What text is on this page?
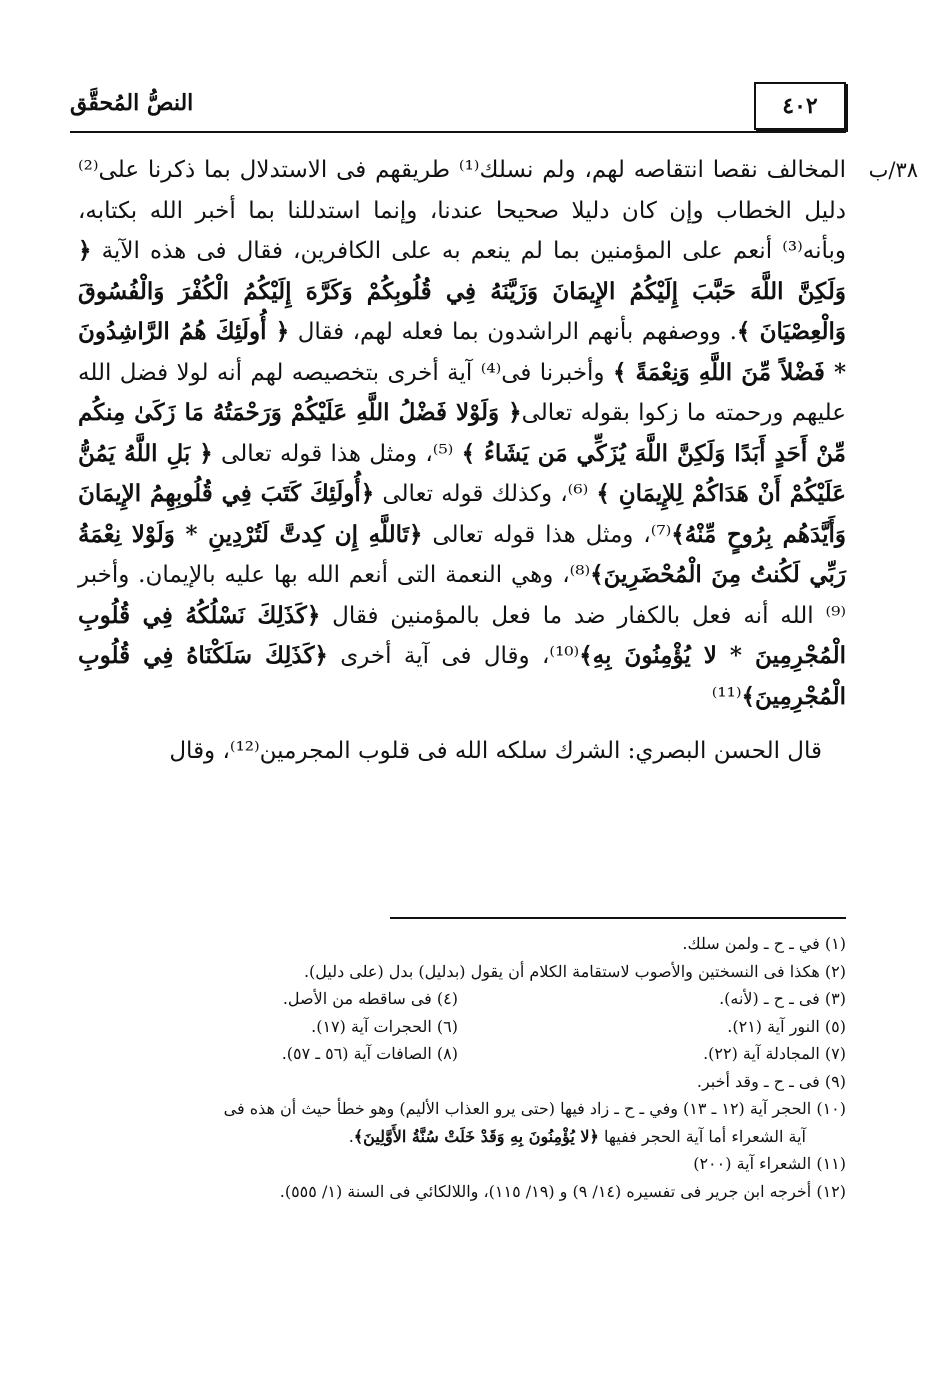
٤٠٢
النصُّ المُحقَّق
٣٨/ب

المخالف نقصا انتقاصه لهم، ولم نسلك⁽¹⁾ طريقهم فى الاستدلال بما ذكرنا على⁽²⁾ دليل الخطاب وإن كان دليلا صحيحا عندنا، وإنما استدللنا بما أخبر الله بكتابه، وبأنه⁽³⁾ أنعم على المؤمنين بما لم ينعم به على الكافرين، فقال فى هذه الآية ﴿ وَلَكِنَّ اللَّهَ حَبَّبَ إِلَيْكُمُ الإِيمَانَ وَزَيَّنَهُ فِي قُلُوبِكُمْ وَكَرَّهَ إِلَيْكُمُ الْكُفْرَ وَالْفُسُوقَ وَالْعِصْيَانَ ﴾. ووصفهم بأنهم الراشدون بما فعله لهم، فقال ﴿ أُولَئِكَ هُمُ الرَّاشِدُونَ * فَضْلاً مِّنَ اللَّهِ وَنِعْمَةً ﴾ وأخبرنا فى⁽⁴⁾ آية أخرى بتخصيصه لهم أنه لولا فضل الله عليهم ورحمته ما زكوا بقوله تعالى﴿ وَلَوْلا فَضْلُ اللَّهِ عَلَيْكُمْ وَرَحْمَتُهُ مَا زَكَىٰ مِنكُم مِّنْ أَحَدٍ أَبَدًا وَلَكِنَّ اللَّهَ يُزَكِّي مَن يَشَاءُ ﴾ ⁽⁵⁾، ومثل هذا قوله تعالى ﴿ بَلِ اللَّهُ يَمُنُّ عَلَيْكُمْ أَنْ هَدَاكُمْ لِلإِيمَانِ ﴾ ⁽⁶⁾، وكذلك قوله تعالى ﴿أُولَئِكَ كَتَبَ فِي قُلُوبِهِمُ الإِيمَانَ وَأَيَّدَهُم بِرُوحٍ مِّنْهُ﴾⁽⁷⁾، ومثل هذا قوله تعالى ﴿تَاللَّهِ إِن كِدتَّ لَتُرْدِينِ * وَلَوْلا نِعْمَةُ رَبِّي لَكُنتُ مِنَ الْمُحْضَرِينَ﴾⁽⁸⁾، وهي النعمة التى أنعم الله بها عليه بالإيمان. وأخبر ⁽⁹⁾ الله أنه فعل بالكفار ضد ما فعل بالمؤمنين فقال ﴿كَذَلِكَ نَسْلُكُهُ فِي قُلُوبِ الْمُجْرِمِينَ * لا يُؤْمِنُونَ بِهِ﴾⁽¹⁰⁾، وقال فى آية أخرى ﴿كَذَلِكَ سَلَكْنَاهُ فِي قُلُوبِ الْمُجْرِمِينَ﴾⁽¹¹⁾

قال الحسن البصري: الشرك سلكه الله فى قلوب المجرمين⁽¹²⁾، وقال

(١) في ـ ح ـ ولمن سلك.
(٢) هكذا فى النسختين والأصوب لاستقامة الكلام أن يقول (بدليل) بدل (على دليل).
(٣) فى ـ ح ـ (لأنه).
(٤) فى ساقطه من الأصل.
(٥) النور آية (٢١).
(٦) الحجرات آية (١٧).
(٧) المجادلة آية (٢٢).
(٨) الصافات آية (٥٦ ـ ٥٧).
(٩) فى ـ ح ـ وقد أخبر.
(١٠) الحجر آية (١٢ ـ ١٣) وفي ـ ح ـ زاد فيها (حتى يرو العذاب الأليم) وهو خطأ حيث أن هذه فى
آية الشعراء أما آية الحجر ففيها ﴿لا يُؤْمِنُونَ بِهِ وَقَدْ خَلَتْ سُنَّةُ الأَوَّلِينَ﴾.
(١١) الشعراء آية (٢٠٠)
(١٢) أخرجه ابن جرير فى تفسيره (١٤/ ٩) و (١٩/ ١١٥)، واللالكائي فى السنة (١/ ٥٥٥).
